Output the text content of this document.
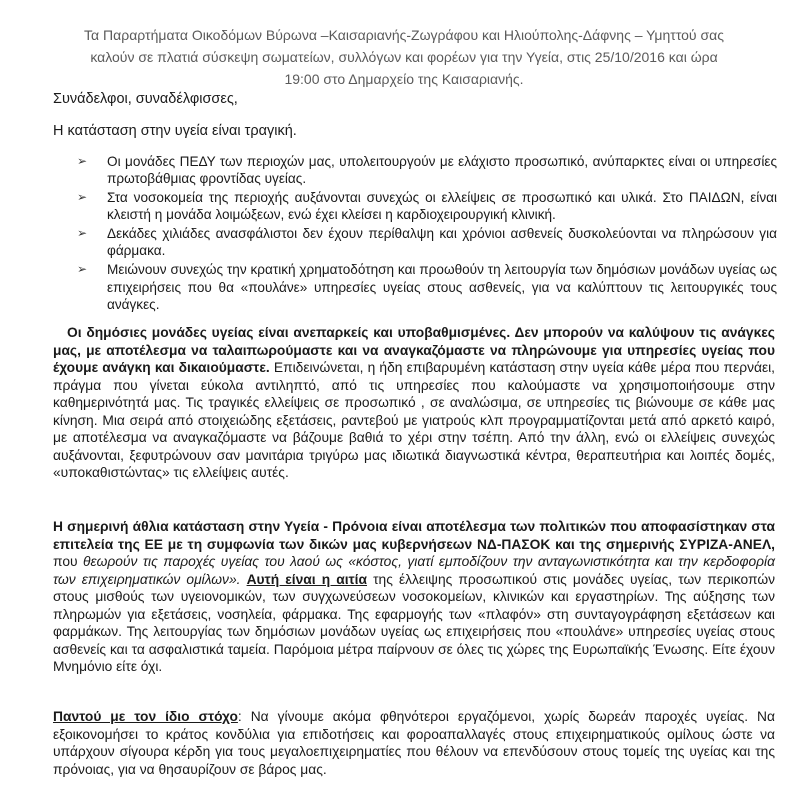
Τα Παραρτήματα Οικοδόμων Βύρωνα –Καισαριανής-Ζωγράφου και Ηλιούπολης-Δάφνης – Υμηττού σας
καλούν σε πλατιά σύσκεψη σωματείων, συλλόγων και φορέων για την Υγεία, στις 25/10/2016 και ώρα
19:00 στο Δημαρχείο της Καισαριανής.
Συνάδελφοι, συναδέλφισσες,
Η κατάσταση στην υγεία είναι τραγική.
➢ Οι μονάδες ΠΕΔΥ των περιοχών μας, υπολειτουργούν με ελάχιστο προσωπικό, ανύπαρκτες είναι οι υπηρεσίες πρωτοβάθμιας φροντίδας υγείας.
➢ Στα νοσοκομεία της περιοχής αυξάνονται συνεχώς οι ελλείψεις σε προσωπικό και υλικά. Στο ΠΑΙΔΩΝ, είναι κλειστή η μονάδα λοιμώξεων, ενώ έχει κλείσει η καρδιοχειρουργική κλινική.
➢ Δεκάδες χιλιάδες ανασφάλιστοι δεν έχουν περίθαλψη και χρόνιοι ασθενείς δυσκολεύονται να πληρώσουν για φάρμακα.
➢ Μειώνουν συνεχώς την κρατική χρηματοδότηση και προωθούν τη λειτουργία των δημόσιων μονάδων υγείας ως επιχειρήσεις που θα «πουλάνε» υπηρεσίες υγείας στους ασθενείς, για να καλύπτουν τις λειτουργικές τους ανάγκες.
Οι δημόσιες μονάδες υγείας είναι ανεπαρκείς και υποβαθμισμένες. Δεν μπορούν να καλύψουν τις ανάγκες μας, με αποτέλεσμα να ταλαιπωρούμαστε και να αναγκαζόμαστε να πληρώνουμε για υπηρεσίες υγείας που έχουμε ανάγκη και δικαιούμαστε. Επιδεινώνεται, η ήδη επιβαρυμένη κατάσταση στην υγεία κάθε μέρα που περνάει, πράγμα που γίνεται εύκολα αντιληπτό, από τις υπηρεσίες που καλούμαστε να χρησιμοποιήσουμε στην καθημερινότητά μας. Τις τραγικές ελλείψεις σε προσωπικό , σε αναλώσιμα, σε υπηρεσίες τις βιώνουμε σε κάθε μας κίνηση. Μια σειρά από στοιχειώδης εξετάσεις, ραντεβού με γιατρούς κλπ προγραμματίζονται μετά από αρκετό καιρό, με αποτέλεσμα να αναγκαζόμαστε να βάζουμε βαθιά το χέρι στην τσέπη. Από την άλλη, ενώ οι ελλείψεις συνεχώς αυξάνονται, ξεφυτρώνουν σαν μανιτάρια τριγύρω μας ιδιωτικά διαγνωστικά κέντρα, θεραπευτήρια και λοιπές δομές, «υποκαθιστώντας» τις ελλείψεις αυτές.
Η σημερινή άθλια κατάσταση στην Υγεία - Πρόνοια είναι αποτέλεσμα των πολιτικών που αποφασίστηκαν στα επιτελεία της ΕΕ με τη συμφωνία των δικών μας κυβερνήσεων ΝΔ-ΠΑΣΟΚ και της σημερινής ΣΥΡΙΖΑ-ΑΝΕΛ, που θεωρούν τις παροχές υγείας του λαού ως «κόστος, γιατί εμποδίζουν την ανταγωνιστικότητα και την κερδοφορία των επιχειρηματικών ομίλων». Αυτή είναι η αιτία της έλλειψης προσωπικού στις μονάδες υγείας, των περικοπών στους μισθούς των υγειονομικών, των συγχωνεύσεων νοσοκομείων, κλινικών και εργαστηρίων. Της αύξησης των πληρωμών για εξετάσεις, νοσηλεία, φάρμακα. Της εφαρμογής των «πλαφόν» στη συνταγογράφηση εξετάσεων και φαρμάκων. Της λειτουργίας των δημόσιων μονάδων υγείας ως επιχειρήσεις που «πουλάνε» υπηρεσίες υγείας στους ασθενείς και τα ασφαλιστικά ταμεία. Παρόμοια μέτρα παίρνουν σε όλες τις χώρες της Ευρωπαϊκής Ένωσης. Είτε έχουν Μνημόνιο είτε όχι.
Παντού με τον ίδιο στόχο: Να γίνουμε ακόμα φθηνότεροι εργαζόμενοι, χωρίς δωρεάν παροχές υγείας. Να εξοικονομήσει το κράτος κονδύλια για επιδοτήσεις και φοροαπαλλαγές στους επιχειρηματικούς ομίλους ώστε να υπάρχουν σίγουρα κέρδη για τους μεγαλοεπιχειρηματίες που θέλουν να επενδύσουν στους τομείς της υγείας και της πρόνοιας, για να θησαυρίζουν σε βάρος μας.
